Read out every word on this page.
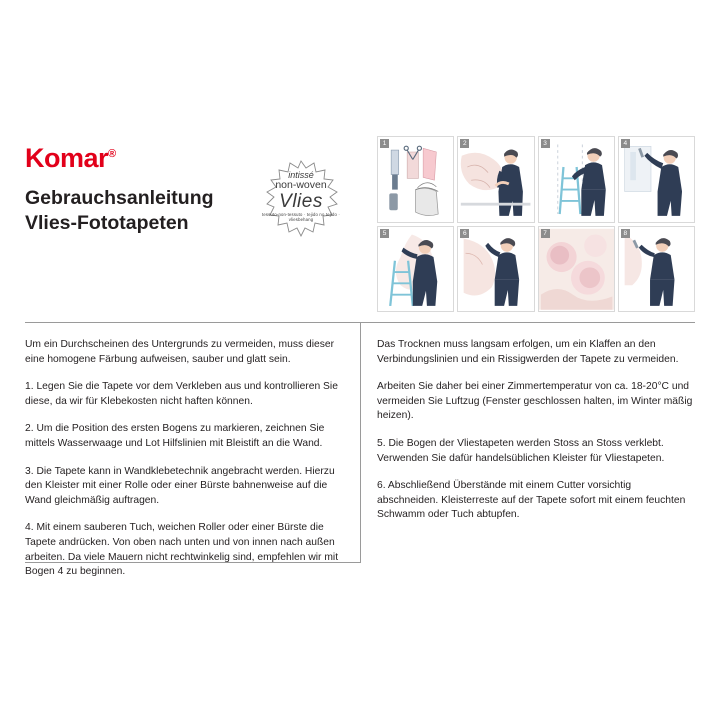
Komar®
Gebrauchsanleitung
Vlies-Fototapeten
intissé
non-woven
Vlies
tessuto-non-tessuto · tejido no tejido · vliesbehang
1	2	3	4
5	6	7	8

Um ein Durchscheinen des Untergrunds zu vermeiden, muss dieser eine homogene Färbung aufweisen, sauber und glatt sein.

1. Legen Sie die Tapete vor dem Verkleben aus und kontrollieren Sie diese, da wir für Klebekosten nicht haften können.

2. Um die Position des ersten Bogens zu markieren, zeichnen Sie mittels Wasserwaage und Lot Hilfslinien mit Bleistift an die Wand.

3. Die Tapete kann in Wandklebetechnik angebracht werden. Hierzu den Kleister mit einer Rolle oder einer Bürste bahnenweise auf die Wand gleichmäßig auftragen.

4. Mit einem sauberen Tuch, weichen Roller oder einer Bürste die Tapete andrücken. Von oben nach unten und von innen nach außen arbeiten. Da viele Mauern nicht rechtwinkelig sind, empfehlen wir mit Bogen 4 zu beginnen.

Das Trocknen muss langsam erfolgen, um ein Klaffen an den Verbindungslinien und ein Rissigwerden der Tapete zu vermeiden.

Arbeiten Sie daher bei einer Zimmertemperatur von ca. 18-20°C und vermeiden Sie Luftzug (Fenster geschlossen halten, im Winter mäßig heizen).

5. Die Bogen der Vliestapeten werden Stoss an Stoss verklebt. Verwenden Sie dafür handelsüblichen Kleister für Vliestapeten.

6. Abschließend Überstände mit einem Cutter vorsichtig abschneiden. Kleisterreste auf der Tapete sofort mit einem feuchten Schwamm oder Tuch abtupfen.
